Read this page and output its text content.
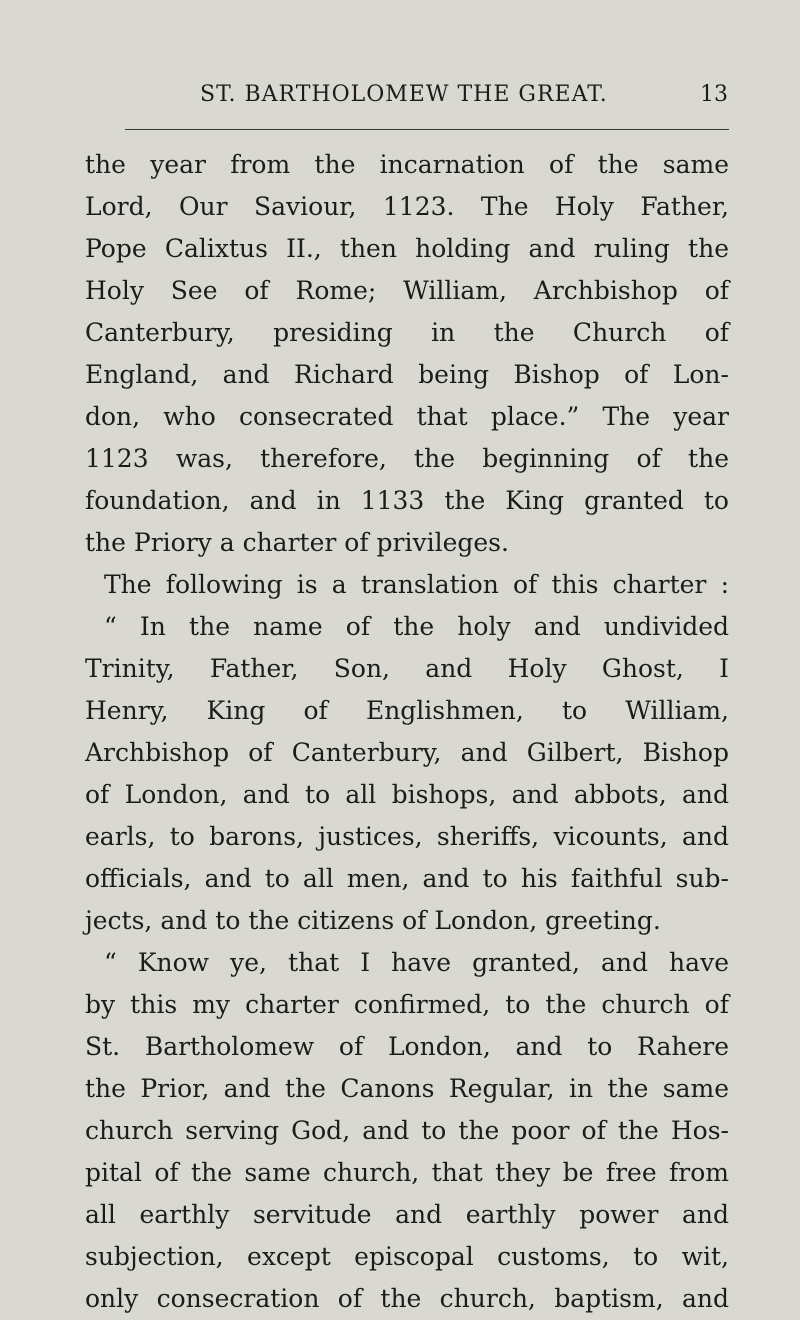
ST. BARTHOLOMEW THE GREAT.	13
the year from the incarnation of the same
Lord, Our Saviour, 1123. The Holy Father,
Pope Calixtus II., then holding and ruling the
Holy See of Rome; William, Archbishop of
Canterbury, presiding in the Church of
England, and Richard being Bishop of Lon-
don, who consecrated that place.” The year
1123 was, therefore, the beginning of the
foundation, and in 1133 the King granted to
the Priory a charter of privileges.
The following is a translation of this charter :
“ In the name of the holy and undivided
Trinity, Father, Son, and Holy Ghost, I
Henry, King of Englishmen, to William,
Archbishop of Canterbury, and Gilbert, Bishop
of London, and to all bishops, and abbots, and
earls, to barons, justices, sheriffs, vicounts, and
officials, and to all men, and to his faithful sub-
jects, and to the citizens of London, greeting.
“ Know ye, that I have granted, and have
by this my charter confirmed, to the church of
St. Bartholomew of London, and to Rahere
the Prior, and the Canons Regular, in the same
church serving God, and to the poor of the Hos-
pital of the same church, that they be free from
all earthly servitude and earthly power and
subjection, except episcopal customs, to wit,
only consecration of the church, baptism, and
